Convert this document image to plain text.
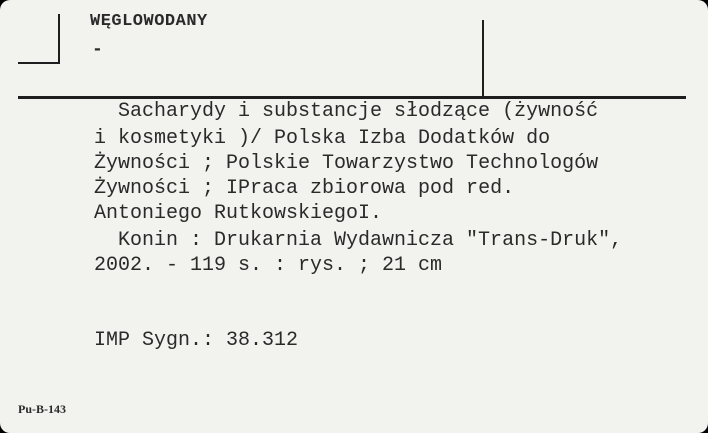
WĘGLOWODANY
-
Sacharydy i substancje słodzące (żywność
i kosmetyki )/ Polska Izba Dodatków do
Żywności ; Polskie Towarzystwo Technologów
Żywności ; IPraca zbiorowa pod red.
Antoniego RutkowskiegoI.
Konin : Drukarnia Wydawnicza "Trans-Druk",
2002. - 119 s. : rys. ; 21 cm
IMP Sygn.: 38.312
Pu-B-143
